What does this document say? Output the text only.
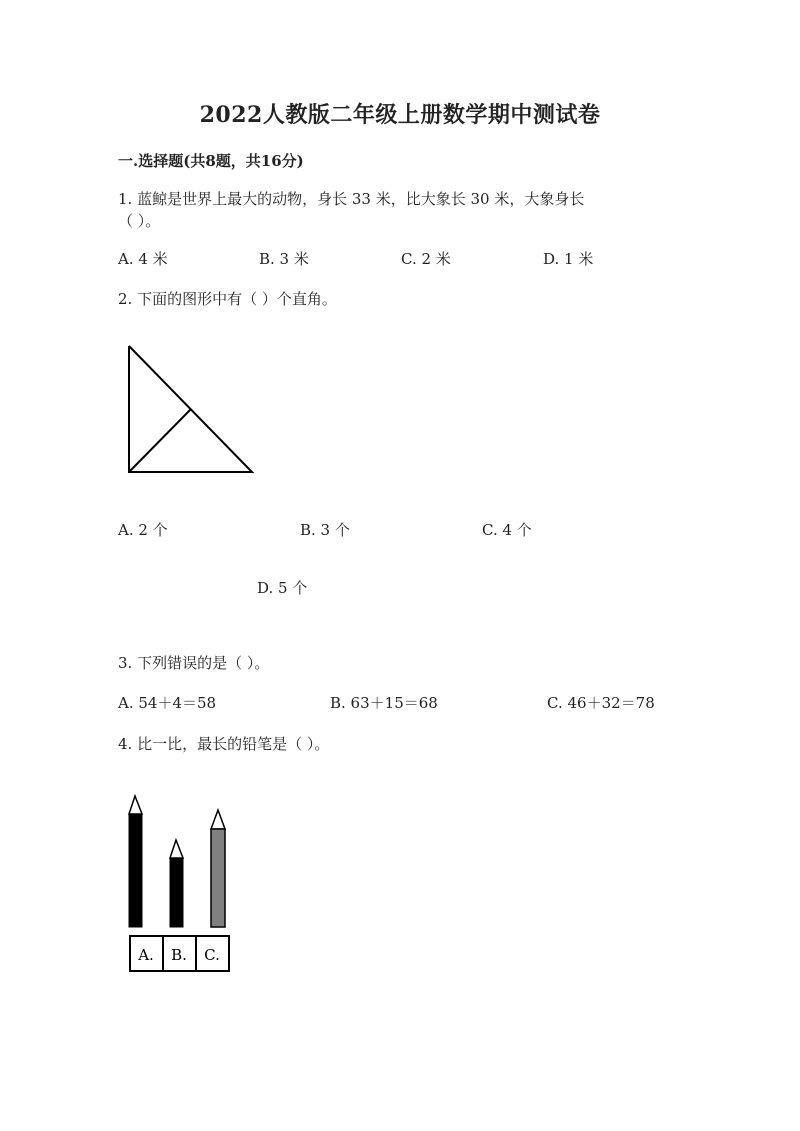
2022人教版二年级上册数学期中测试卷
一.选择题(共8题，共16分)
1. 蓝鲸是世界上最大的动物，身长 33 米，比大象长 30 米，大象身长
（ ）。
A. 4 米	B. 3 米	C. 2 米	D. 1 米
2. 下面的图形中有（ ）个直角。
A. 2 个	B. 3 个	C. 4 个
D. 5 个
3. 下列错误的是（ ）。
A. 54＋4＝58	B. 63＋15＝68	C. 46＋32＝78
4. 比一比，最长的铅笔是（ ）。
A. B. C.
